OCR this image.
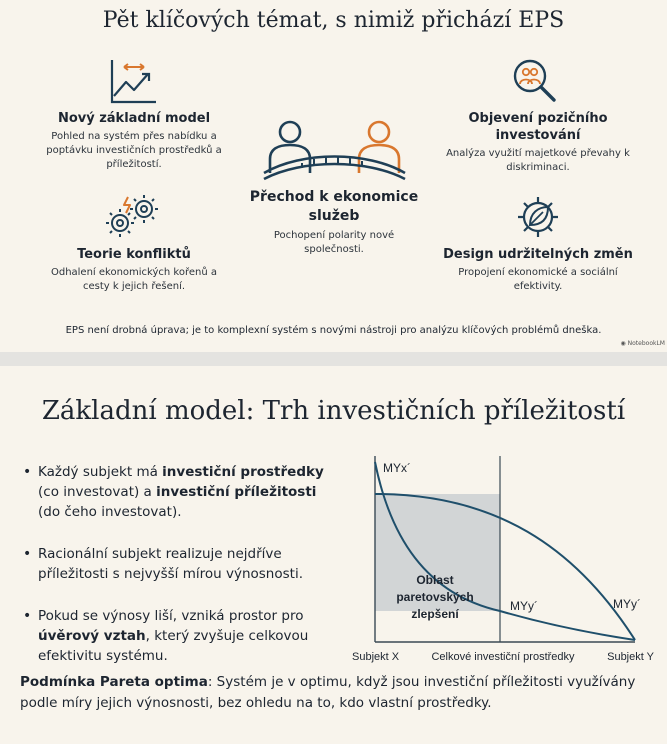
Pět klíčových témat, s nimiž přichází EPS
Nový základní model

Pohled na systém přes nabídku a poptávku investičních prostředků a příležitostí.

Teorie konfliktů

Odhalení ekonomických kořenů a cesty k jejich řešení.

Přechod k ekonomice služeb

Pochopení polarity nové společnosti.

Objevení pozičního investování

Analýza využití majetkové převahy k diskriminaci.

Design udržitelných změn

Propojení ekonomické a sociální efektivity.

EPS není drobná úprava; je to komplexní systém s novými nástroji pro analýzu klíčových problémů dneška.
◉ NotebookLM
Základní model: Trh investičních příležitostí
• Každý subjekt má investiční prostředky (co investovat) a investiční příležitosti (do čeho investovat).
• Racionální subjekt realizuje nejdříve příležitosti s nejvyšší mírou výnosnosti.
• Pokud se výnosy liší, vzniká prostor pro úvěrový vztah, který zvyšuje celkovou efektivitu systému.
MYx´
MYy´	MYy´
Oblast
paretovských
zlepšení
Subjekt X	Subjekt Y
Celkové investiční prostředky
Podmínka Pareta optima: Systém je v optimu, když jsou investiční příležitosti využívány podle míry jejich výnosnosti, bez ohledu na to, kdo vlastní prostředky.
